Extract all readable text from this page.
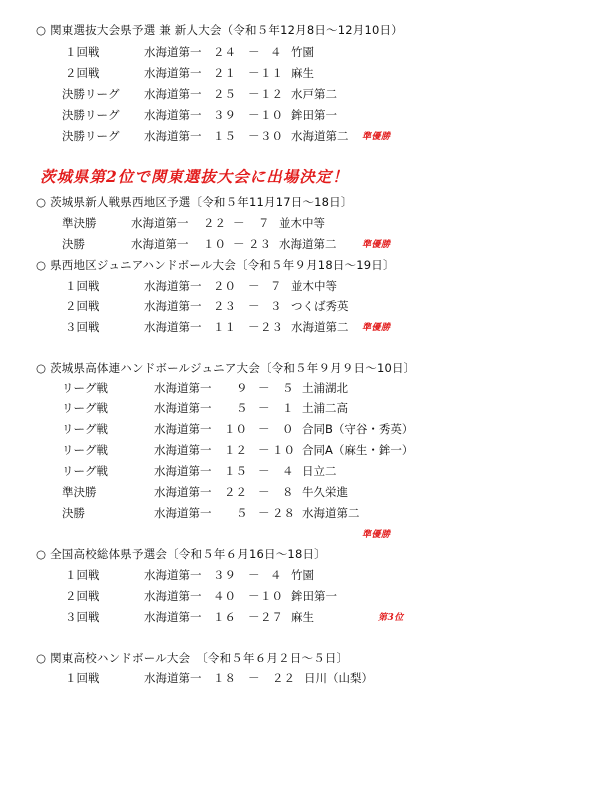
○ 関東選抜大会県予選 兼 新人大会（令和５年12月8日〜12月10日）
１回戦	水海道第一 ２４ － ４ 竹園
２回戦	水海道第一 ２１ － １１ 麻生
決勝リーグ 水海道第一 ２５ － １２ 水戸第二
決勝リーグ 水海道第一 ３９ － １０ 鉾田第一
決勝リーグ 水海道第一 １５ － ３０ 水海道第二 準優勝
茨城県第2位で関東選抜大会に出場決定！
○ 茨城県新人戦県西地区予選〔令和５年11月17日〜18日〕
準決勝	水海道第一 ２２ － ７ 並木中等
決勝	水海道第一 １０ － ２３ 水海道第二	準優勝
○ 県西地区ジュニアハンドボール大会〔令和５年９月18日〜19日〕
１回戦	水海道第一 ２０ － ７ 並木中等
２回戦	水海道第一 ２３ － ３ つくば秀英
３回戦	水海道第一 １１ － ２３ 水海道第二 準優勝
○ 茨城県高体連ハンドボールジュニア大会〔令和５年９月９日〜10日〕
リーグ戦	水海道第一 ９ － ５ 土浦湖北
リーグ戦	水海道第一 ５ － １ 土浦二高
リーグ戦	水海道第一 １０ － ０ 合同B（守谷・秀英）
リーグ戦	水海道第一 １２ － １０ 合同A（麻生・鉾一）
リーグ戦	水海道第一 １５ － ４ 日立二
準決勝	水海道第一 ２２ － ８ 牛久栄進
決勝	水海道第一 ５ － ２８ 水海道第二
準優勝
○ 全国高校総体県予選会〔令和５年６月16日〜18日〕
１回戦	水海道第一 ３９ － ４ 竹園
２回戦	水海道第一 ４０ － １０ 鉾田第一
３回戦	水海道第一 １６ － ２７ 麻生	第3位
○ 関東高校ハンドボール大会　〔令和５年６月２日〜５日〕
１回戦	水海道第一 １８ － ２２ 日川（山梨）
